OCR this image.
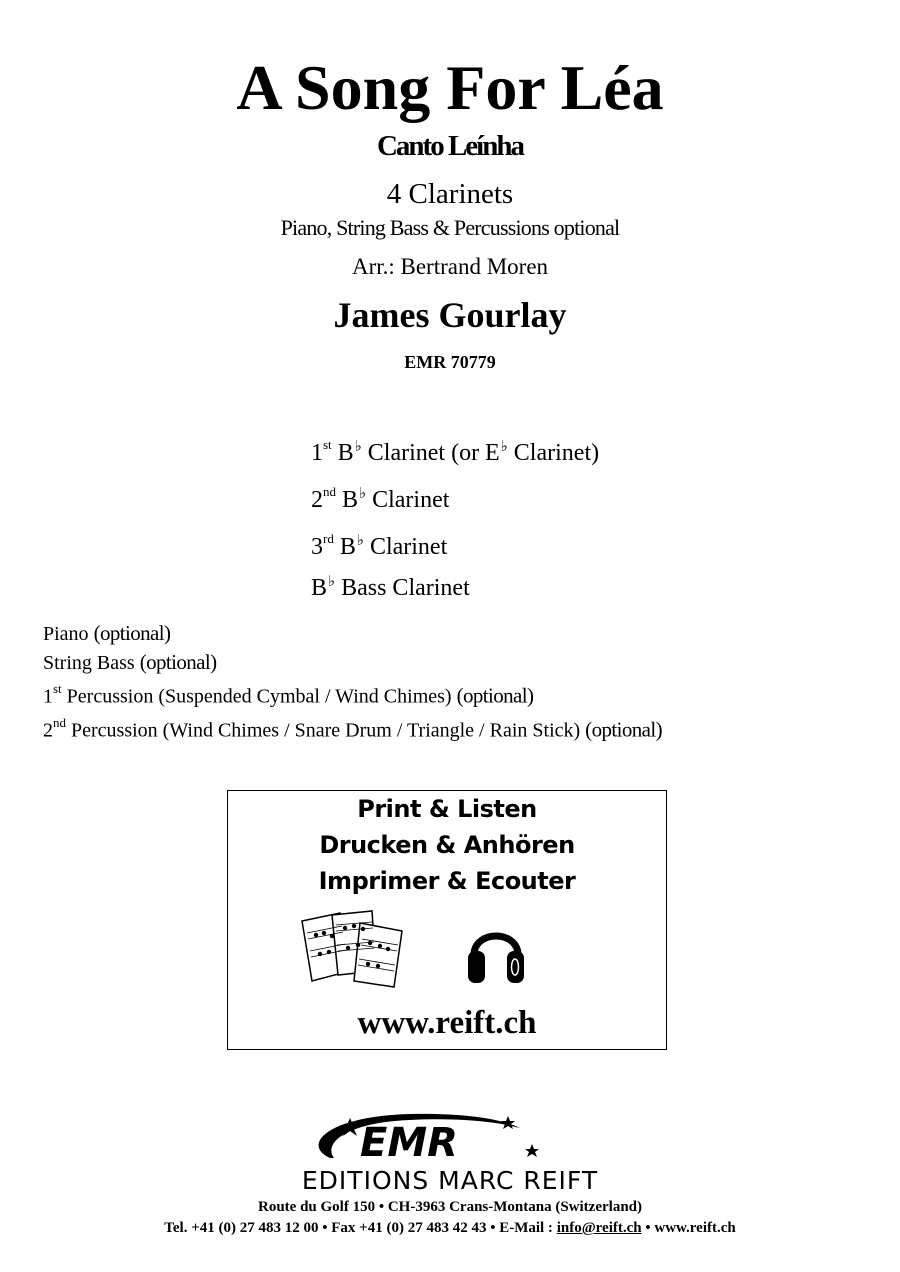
A Song For Léa
Canto Leínha
4 Clarinets
Piano, String Bass & Percussions optional
Arr.: Bertrand Moren
James Gourlay
EMR 70779
1st B♭ Clarinet (or E♭ Clarinet)
2nd B♭ Clarinet
3rd B♭ Clarinet
B♭ Bass Clarinet
Piano (optional)
String Bass (optional)
1st Percussion (Suspended Cymbal / Wind Chimes) (optional)
2nd Percussion (Wind Chimes / Snare Drum / Triangle / Rain Stick) (optional)
Print & Listen
Drucken & Anhören
Imprimer & Ecouter
www.reift.ch
EMR
EDITIONS MARC REIFT
Route du Golf 150 • CH-3963 Crans-Montana (Switzerland)
Tel. +41 (0) 27 483 12 00 • Fax +41 (0) 27 483 42 43 • E-Mail : info@reift.ch • www.reift.ch
